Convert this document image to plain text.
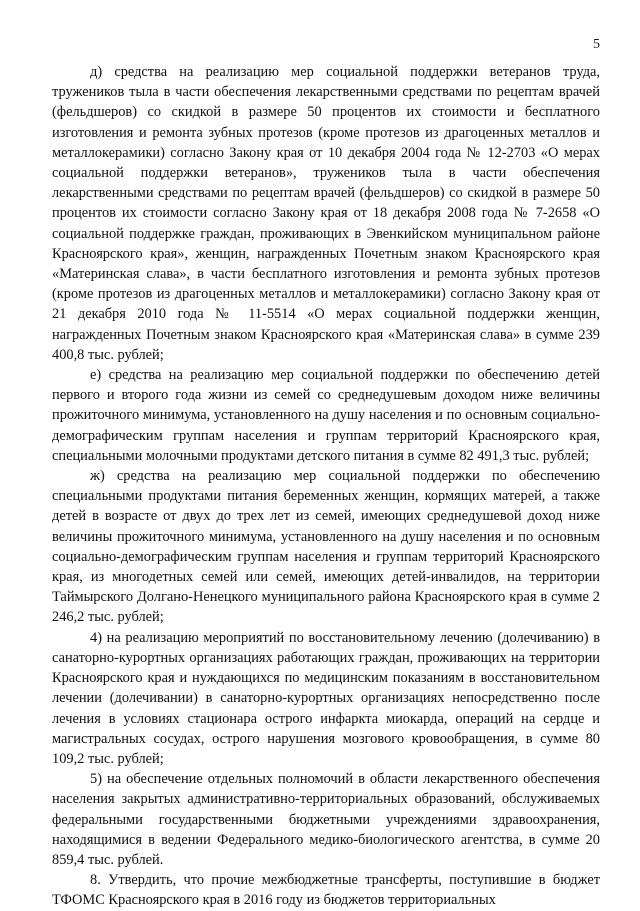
5

д) средства на реализацию мер социальной поддержки ветеранов труда, тружеников тыла в части обеспечения лекарственными средствами по рецептам врачей (фельдшеров) со скидкой в размере 50 процентов их стоимости и бесплатного изготовления и ремонта зубных протезов (кроме протезов из драгоценных металлов и металлокерамики) согласно Закону края от 10 декабря 2004 года № 12-2703 «О мерах социальной поддержки ветеранов», тружеников тыла в части обеспечения лекарственными средствами по рецептам врачей (фельдшеров) со скидкой в размере 50 процентов их стоимости согласно Закону края от 18 декабря 2008 года № 7-2658 «О социальной поддержке граждан, проживающих в Эвенкийском муниципальном районе Красноярского края», женщин, награжденных Почетным знаком Красноярского края «Материнская слава», в части бесплатного изготовления и ремонта зубных протезов (кроме протезов из драгоценных металлов и металлокерамики) согласно Закону края от 21 декабря 2010 года № 11-5514 «О мерах социальной поддержки женщин, награжденных Почетным знаком Красноярского края «Материнская слава» в сумме 239 400,8 тыс. рублей;

е) средства на реализацию мер социальной поддержки по обеспечению детей первого и второго года жизни из семей со среднедушевым доходом ниже величины прожиточного минимума, установленного на душу населения и по основным социально-демографическим группам населения и группам территорий Красноярского края, специальными молочными продуктами детского питания в сумме 82 491,3 тыс. рублей;

ж) средства на реализацию мер социальной поддержки по обеспечению специальными продуктами питания беременных женщин, кормящих матерей, а также детей в возрасте от двух до трех лет из семей, имеющих среднедушевой доход ниже величины прожиточного минимума, установленного на душу населения и по основным социально-демографическим группам населения и группам территорий Красноярского края, из многодетных семей или семей, имеющих детей-инвалидов, на территории Таймырского Долгано-Ненецкого муниципального района Красноярского края в сумме 2 246,2 тыс. рублей;

4) на реализацию мероприятий по восстановительному лечению (долечиванию) в санаторно-курортных организациях работающих граждан, проживающих на территории Красноярского края и нуждающихся по медицинским показаниям в восстановительном лечении (долечивании) в санаторно-курортных организациях непосредственно после лечения в условиях стационара острого инфаркта миокарда, операций на сердце и магистральных сосудах, острого нарушения мозгового кровообращения, в сумме 80 109,2 тыс. рублей;

5) на обеспечение отдельных полномочий в области лекарственного обеспечения населения закрытых административно-территориальных образований, обслуживаемых федеральными государственными бюджетными учреждениями здравоохранения, находящимися в ведении Федерального медико-биологического агентства, в сумме 20 859,4 тыс. рублей.

8. Утвердить, что прочие межбюджетные трансферты, поступившие в бюджет ТФОМС Красноярского края в 2016 году из бюджетов территориальных
